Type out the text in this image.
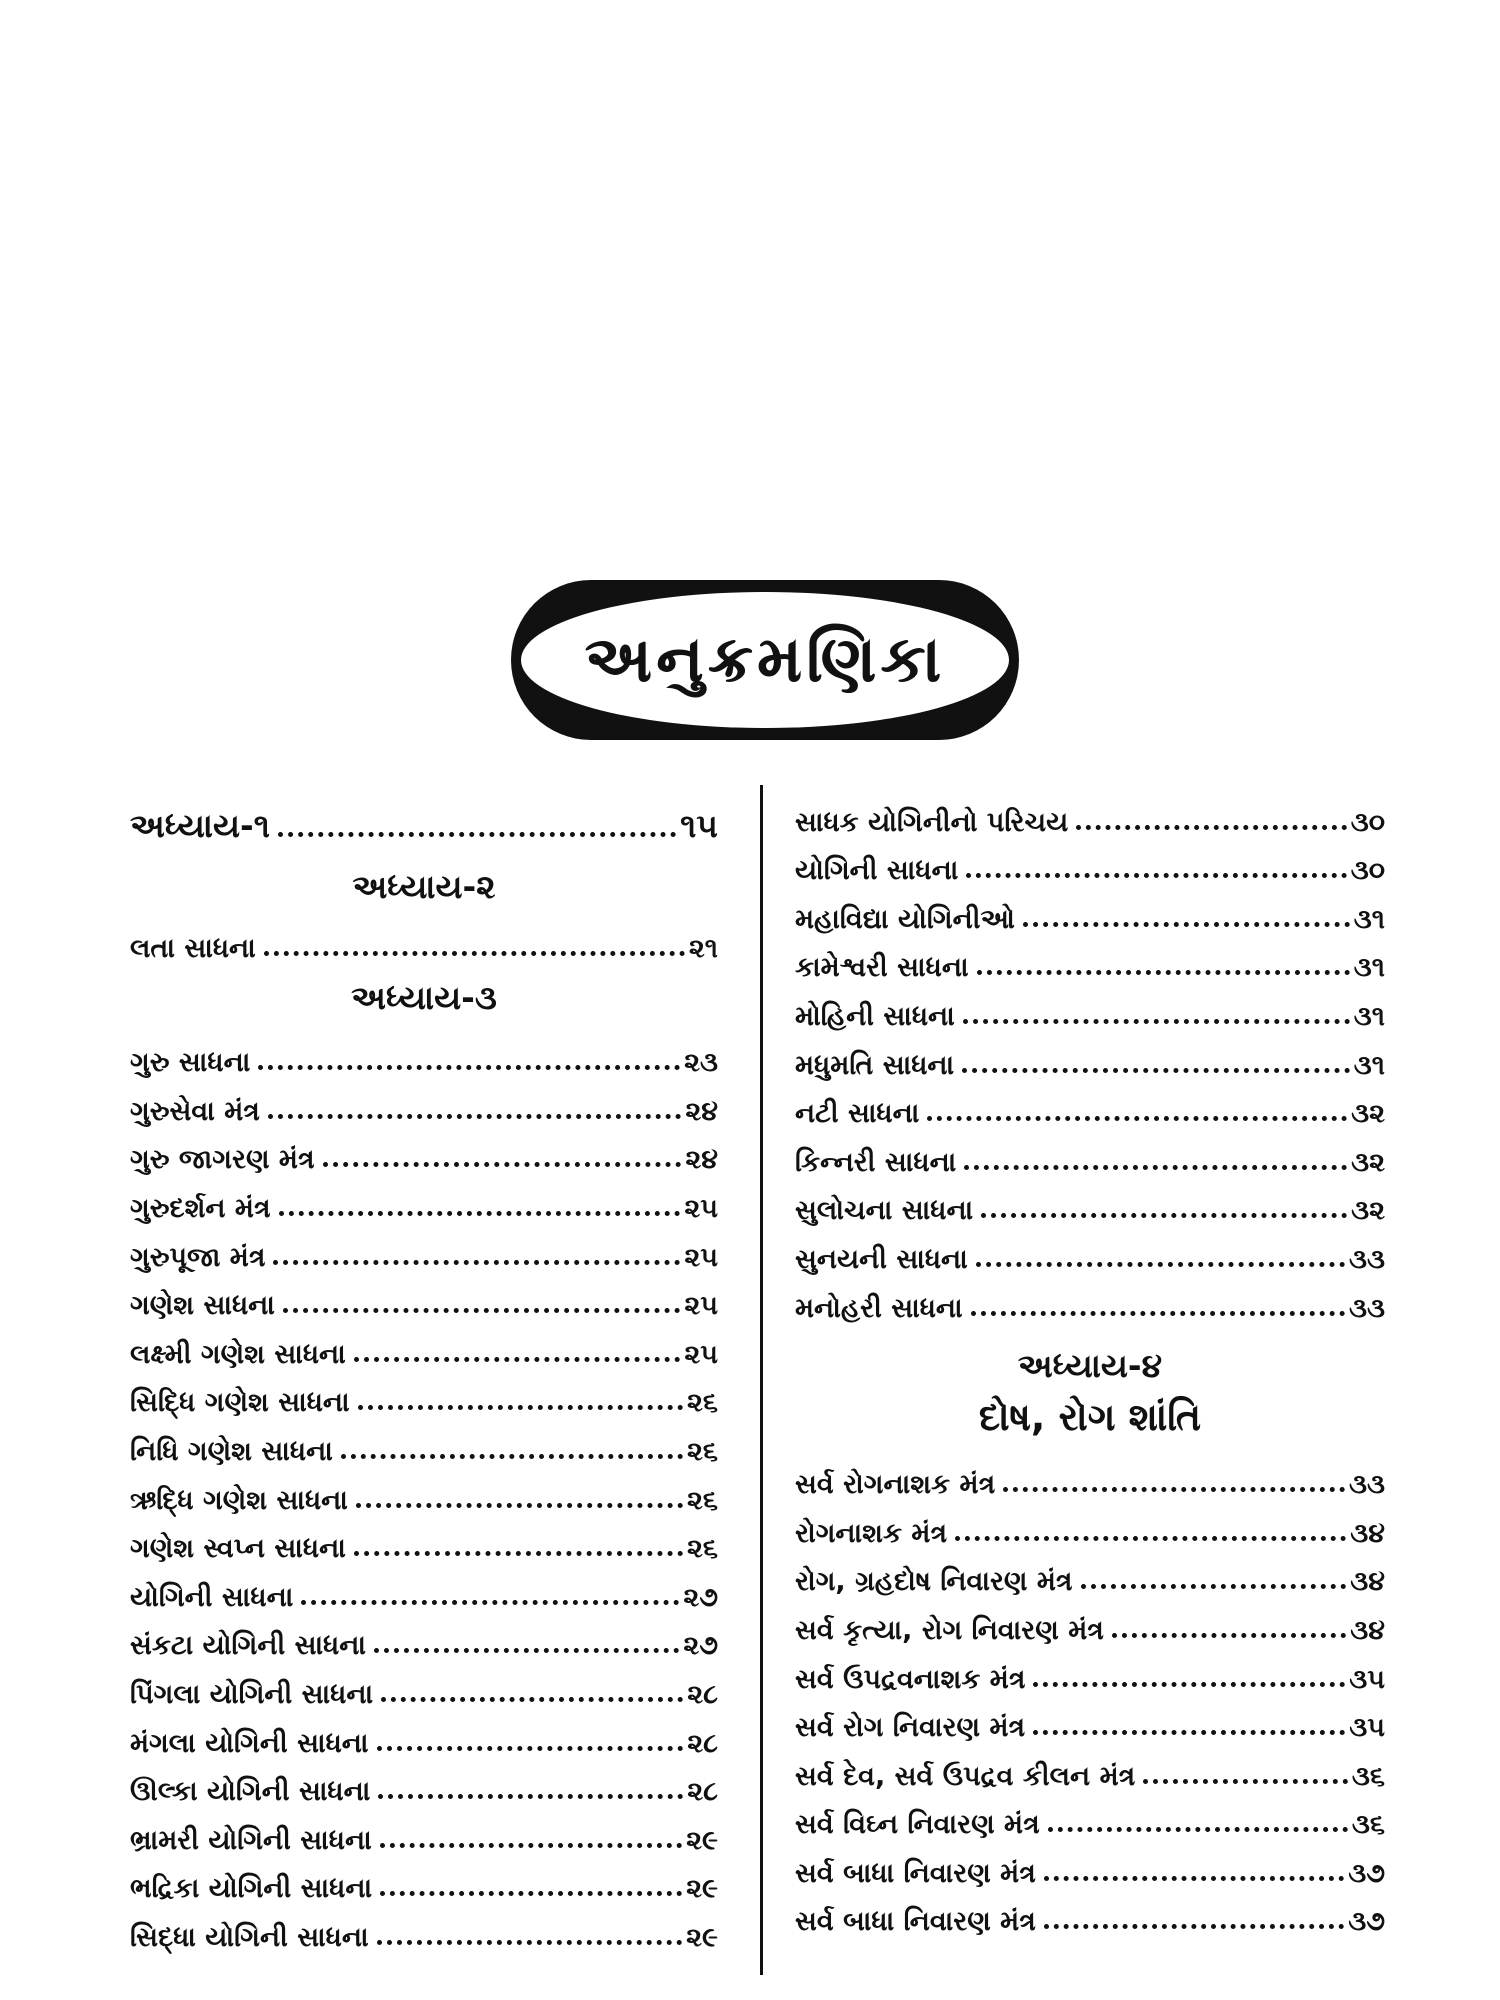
અનુક્રમણિકા
અધ્યાય-૧	૧૫
અધ્યાય-૨
લતા સાધના	૨૧
અધ્યાય-૩
ગુરુ સાધના	૨૩
ગુરુસેવા મંત્ર	૨૪
ગુરુ જાગરણ મંત્ર	૨૪
ગુરુદર્શન મંત્ર	૨૫
ગુરુપૂજા મંત્ર	૨૫
ગણેશ સાધના	૨૫
લક્ષ્મી ગણેશ સાધના	૨૫
સિદ્ધિ ગણેશ સાધના	૨૬
નિધિ ગણેશ સાધના	૨૬
ઋદ્ધિ ગણેશ સાધના	૨૬
ગણેશ સ્વપ્ન સાધના	૨૬
યોગિની સાધના	૨૭
સંકટા યોગિની સાધના	૨૭
પિંગલા યોગિની સાધના	૨૮
મંગલા યોગિની સાધના	૨૮
ઊલ્કા યોગિની સાધના	૨૮
ભ્રામરી યોગિની સાધના	૨૯
ભદ્રિકા યોગિની સાધના	૨૯
સિદ્ધા યોગિની સાધના	૨૯
સાધક યોગિનીનો પરિચય	૩૦
યોગિની સાધના	૩૦
મહાવિદ્યા યોગિનીઓ	૩૧
કામેશ્વરી સાધના	૩૧
મોહિની સાધના	૩૧
મધુમતિ સાધના	૩૧
નટી સાધના	૩૨
કિન્નરી સાધના	૩૨
સુલોચના સાધના	૩૨
સુનયની સાધના	૩૩
મનોહરી સાધના	૩૩
અધ્યાય-૪
દોષ, રોગ શાંતિ
સર્વ રોગનાશક મંત્ર	૩૩
રોગનાશક મંત્ર	૩૪
રોગ, ગ્રહદોષ નિવારણ મંત્ર	૩૪
સર્વ કૃત્યા, રોગ નિવારણ મંત્ર	૩૪
સર્વ ઉપદ્રવનાશક મંત્ર	૩૫
સર્વ રોગ નિવારણ મંત્ર	૩૫
સર્વ દેવ, સર્વ ઉપદ્રવ કીલન મંત્ર	૩૬
સર્વ વિઘ્ન નિવારણ મંત્ર	૩૬
સર્વ બાધા નિવારણ મંત્ર	૩૭
સર્વ બાધા નિવારણ મંત્ર	૩૭
